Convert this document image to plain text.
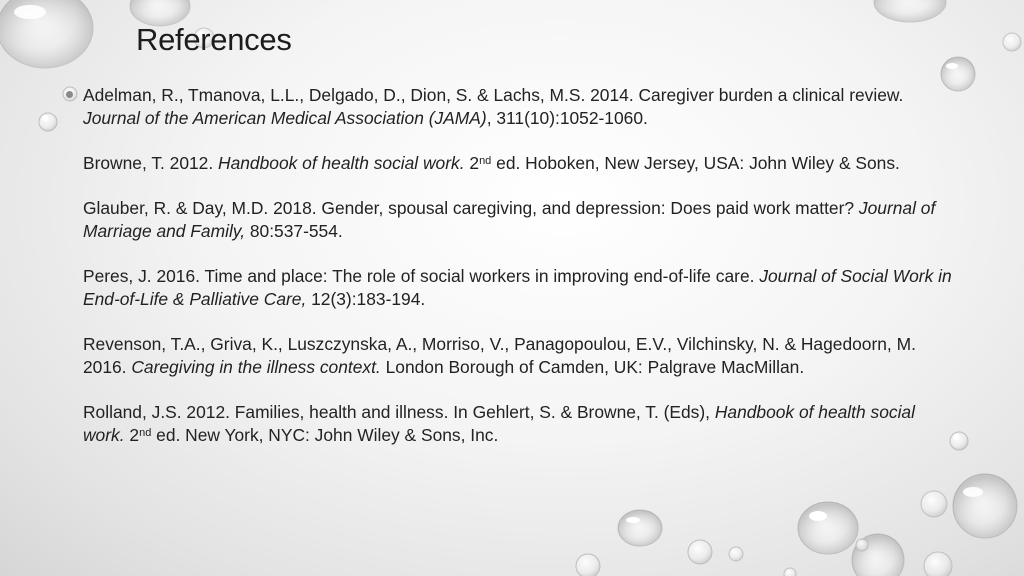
References

Adelman, R., Tmanova, L.L., Delgado, D., Dion, S. & Lachs, M.S. 2014. Caregiver burden a clinical review. Journal of the American Medical Association (JAMA), 311(10):1052-1060.

Browne, T. 2012. Handbook of health social work. 2nd ed. Hoboken, New Jersey, USA: John Wiley & Sons.

Glauber, R. & Day, M.D. 2018. Gender, spousal caregiving, and depression: Does paid work matter? Journal of Marriage and Family, 80:537-554.

Peres, J. 2016. Time and place: The role of social workers in improving end-of-life care. Journal of Social Work in End-of-Life & Palliative Care, 12(3):183-194.

Revenson, T.A., Griva, K., Luszczynska, A., Morriso, V., Panagopoulou, E.V., Vilchinsky, N. & Hagedoorn, M. 2016. Caregiving in the illness context. London Borough of Camden, UK: Palgrave MacMillan.

Rolland, J.S. 2012. Families, health and illness. In Gehlert, S. & Browne, T. (Eds), Handbook of health social work. 2nd ed. New York, NYC: John Wiley & Sons, Inc.
